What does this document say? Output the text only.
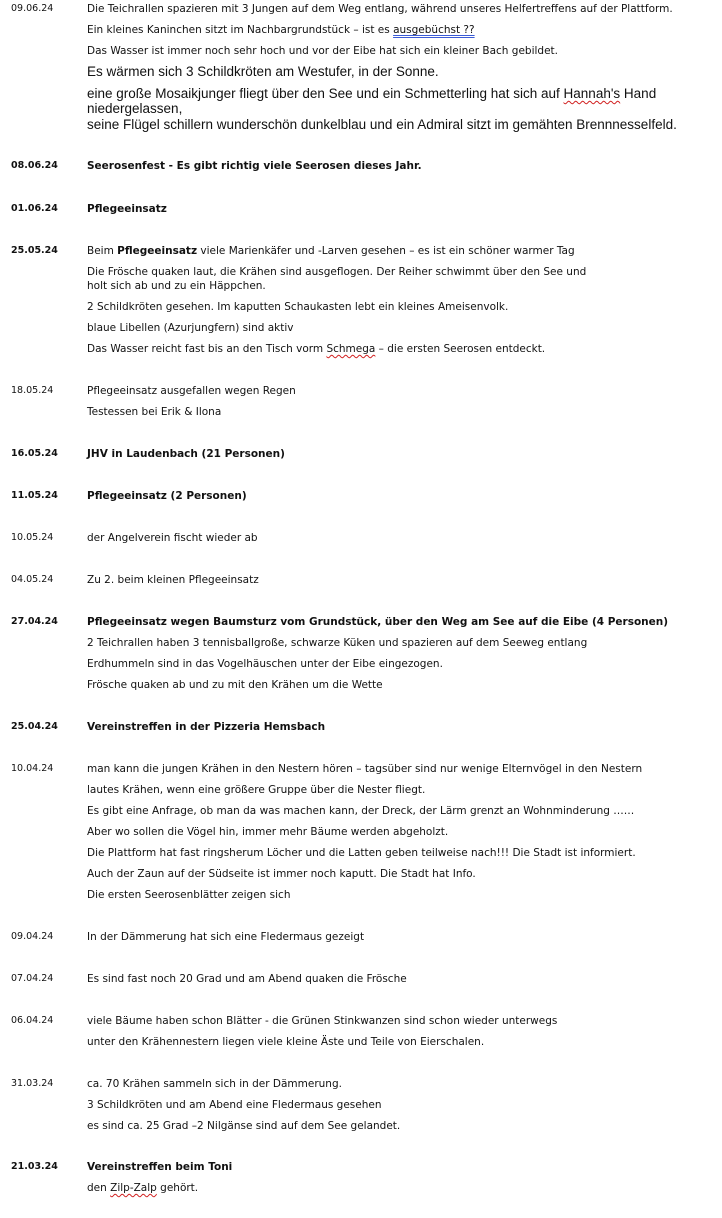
09.06.24	Die Teichrallen spazieren mit 3 Jungen auf dem Weg entlang, während unseres Helfertreffens auf der Plattform.
Ein kleines Kaninchen sitzt im Nachbargrundstück – ist es ausgebüchst ??
Das Wasser ist immer noch sehr hoch und vor der Eibe hat sich ein kleiner Bach gebildet.
Es wärmen sich 3 Schildkröten am Westufer, in der Sonne.
eine große Mosaikjunger fliegt über den See und ein Schmetterling hat sich auf Hannah's Hand
niedergelassen,
seine Flügel schillern wunderschön dunkelblau und ein Admiral sitzt im gemähten Brennnesselfeld.
08.06.24	Seerosenfest - Es gibt richtig viele Seerosen dieses Jahr.
01.06.24	Pflegeeinsatz
25.05.24	Beim Pflegeeinsatz viele Marienkäfer und -Larven gesehen – es ist ein schöner warmer Tag
Die Frösche quaken laut, die Krähen sind ausgeflogen. Der Reiher schwimmt über den See und
holt sich ab und zu ein Häppchen.
2 Schildkröten gesehen. Im kaputten Schaukasten lebt ein kleines Ameisenvolk.
blaue Libellen (Azurjungfern) sind aktiv
Das Wasser reicht fast bis an den Tisch vorm Schmega – die ersten Seerosen entdeckt.
18.05.24	Pflegeeinsatz ausgefallen wegen Regen
Testessen bei Erik & Ilona
16.05.24	JHV in Laudenbach (21 Personen)
11.05.24	Pflegeeinsatz (2 Personen)
10.05.24	der Angelverein fischt wieder ab
04.05.24	Zu 2. beim kleinen Pflegeeinsatz
27.04.24	Pflegeeinsatz wegen Baumsturz vom Grundstück, über den Weg am See auf die Eibe (4 Personen)
2 Teichrallen haben 3 tennisballgroße, schwarze Küken und spazieren auf dem Seeweg entlang
Erdhummeln sind in das Vogelhäuschen unter der Eibe eingezogen.
Frösche quaken ab und zu mit den Krähen um die Wette
25.04.24	Vereinstreffen in der Pizzeria Hemsbach
10.04.24	man kann die jungen Krähen in den Nestern hören – tagsüber sind nur wenige Elternvögel in den Nestern
lautes Krähen, wenn eine größere Gruppe über die Nester fliegt.
Es gibt eine Anfrage, ob man da was machen kann, der Dreck, der Lärm grenzt an Wohnminderung ……
Aber wo sollen die Vögel hin, immer mehr Bäume werden abgeholzt.
Die Plattform hat fast ringsherum Löcher und die Latten geben teilweise nach!!! Die Stadt ist informiert.
Auch der Zaun auf der Südseite ist immer noch kaputt. Die Stadt hat Info.
Die ersten Seerosenblätter zeigen sich
09.04.24	In der Dämmerung hat sich eine Fledermaus gezeigt
07.04.24	Es sind fast noch 20 Grad und am Abend quaken die Frösche
06.04.24	viele Bäume haben schon Blätter - die Grünen Stinkwanzen sind schon wieder unterwegs
unter den Krähennestern liegen viele kleine Äste und Teile von Eierschalen.
31.03.24	ca. 70 Krähen sammeln sich in der Dämmerung.
3 Schildkröten und am Abend eine Fledermaus gesehen
es sind ca. 25 Grad –2 Nilgänse sind auf dem See gelandet.
21.03.24	Vereinstreffen beim Toni
den Zilp-Zalp gehört.
